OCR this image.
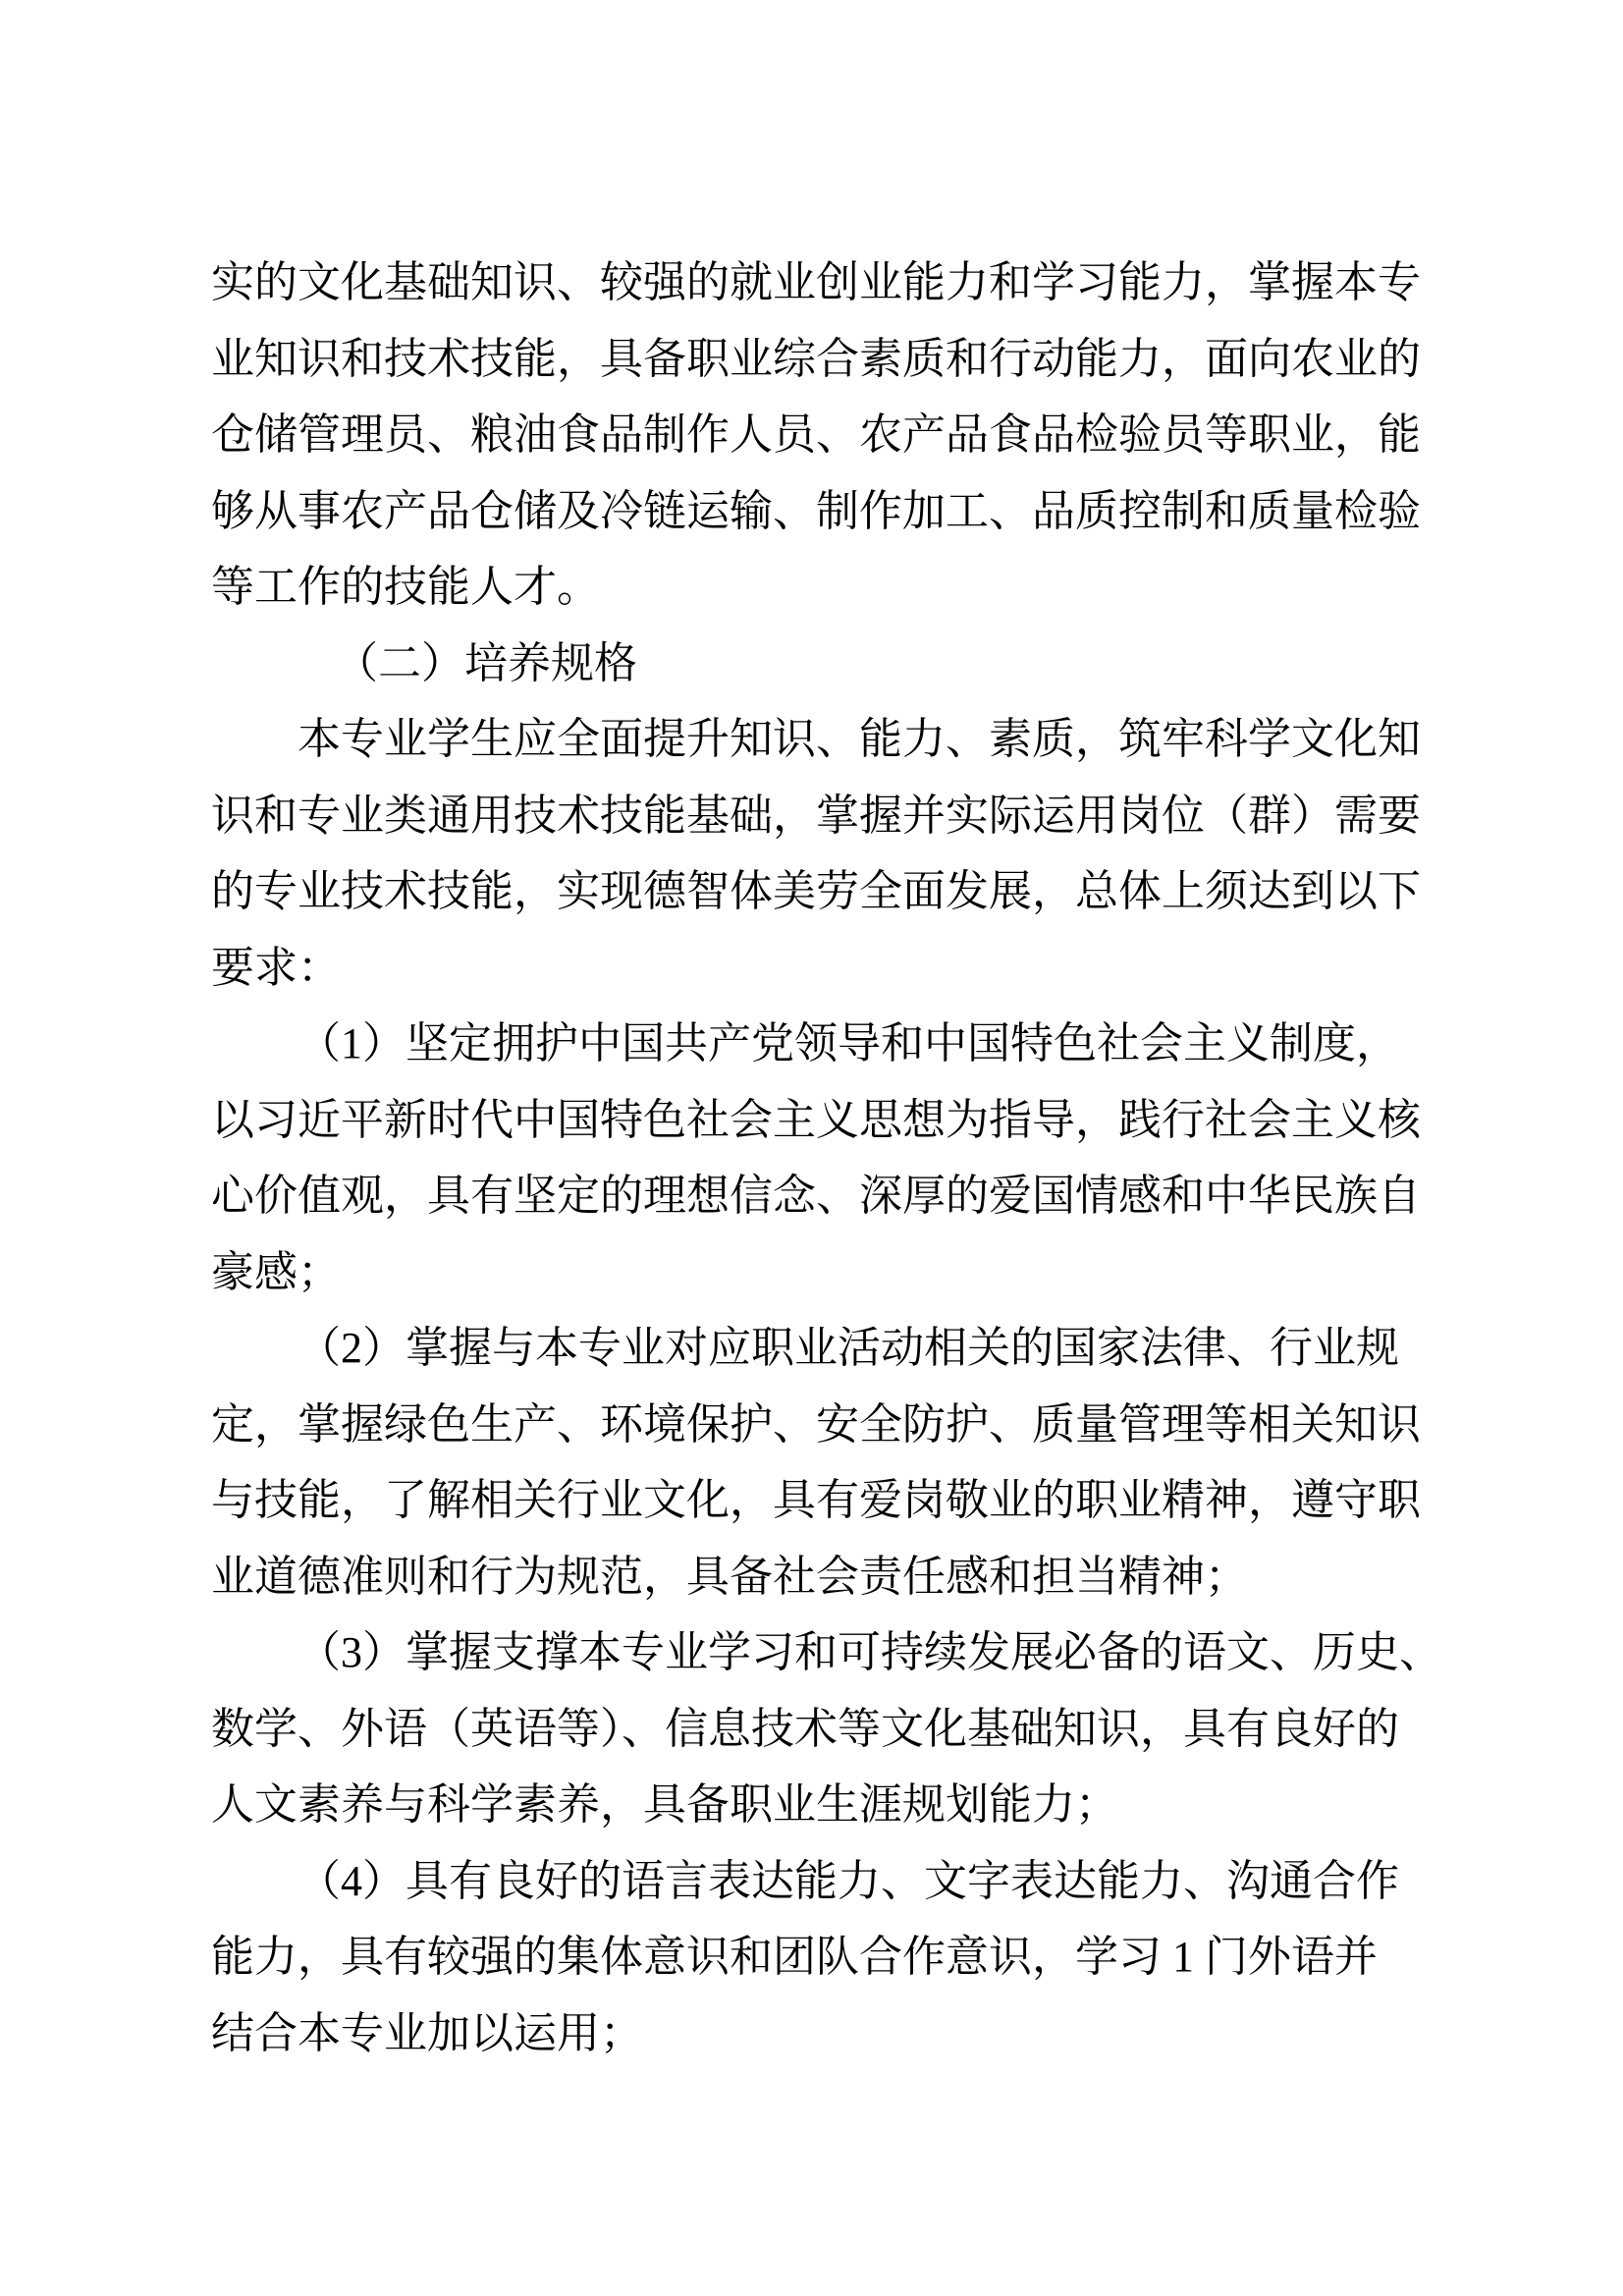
实的文化基础知识、较强的就业创业能力和学习能力，掌握本专
业知识和技术技能，具备职业综合素质和行动能力，面向农业的
仓储管理员、粮油食品制作人员、农产品食品检验员等职业，能
够从事农产品仓储及冷链运输、制作加工、品质控制和质量检验
等工作的技能人才。
（二）培养规格
本专业学生应全面提升知识、能力、素质，筑牢科学文化知
识和专业类通用技术技能基础，掌握并实际运用岗位（群）需要
的专业技术技能，实现德智体美劳全面发展，总体上须达到以下
要求：
（1）坚定拥护中国共产党领导和中国特色社会主义制度，
以习近平新时代中国特色社会主义思想为指导，践行社会主义核
心价值观，具有坚定的理想信念、深厚的爱国情感和中华民族自
豪感；
（2）掌握与本专业对应职业活动相关的国家法律、行业规
定，掌握绿色生产、环境保护、安全防护、质量管理等相关知识
与技能，了解相关行业文化，具有爱岗敬业的职业精神，遵守职
业道德准则和行为规范，具备社会责任感和担当精神；
（3）掌握支撑本专业学习和可持续发展必备的语文、历史、
数学、外语（英语等）、信息技术等文化基础知识，具有良好的
人文素养与科学素养，具备职业生涯规划能力；
（4）具有良好的语言表达能力、文字表达能力、沟通合作
能力，具有较强的集体意识和团队合作意识，学习 1 门外语并
结合本专业加以运用；
